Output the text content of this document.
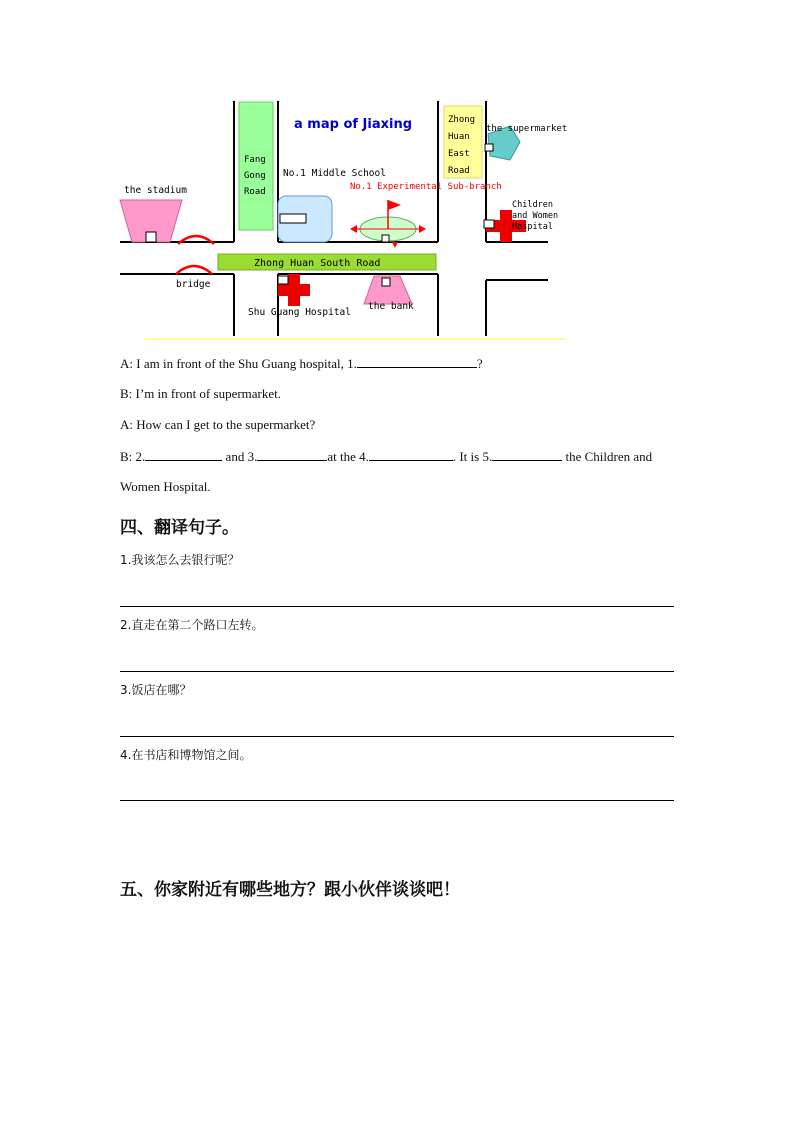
Fang
Gong
Road
Zhong
Huan
East
Road
a map of Jiaxing	the supermarket
No.1 Middle School
No.1 Experimental Sub-branch
the stadium
bridge
Zhong Huan South Road
Children
and Women
Hospital
Shu Guang Hospital
the bank
A: I am in front of the Shu Guang hospital, 1.	?
B: I’m in front of supermarket.
A: How can I get to the supermarket?
B: 2.	and 3.	at the 4.	. It is 5.	the Children and
Women Hospital.
四、翻译句子。
1.我该怎么去银行呢？
2.直走在第二个路口左转。
3.饭店在哪？
4.在书店和博物馆之间。
五、你家附近有哪些地方？跟小伙伴谈谈吧！
